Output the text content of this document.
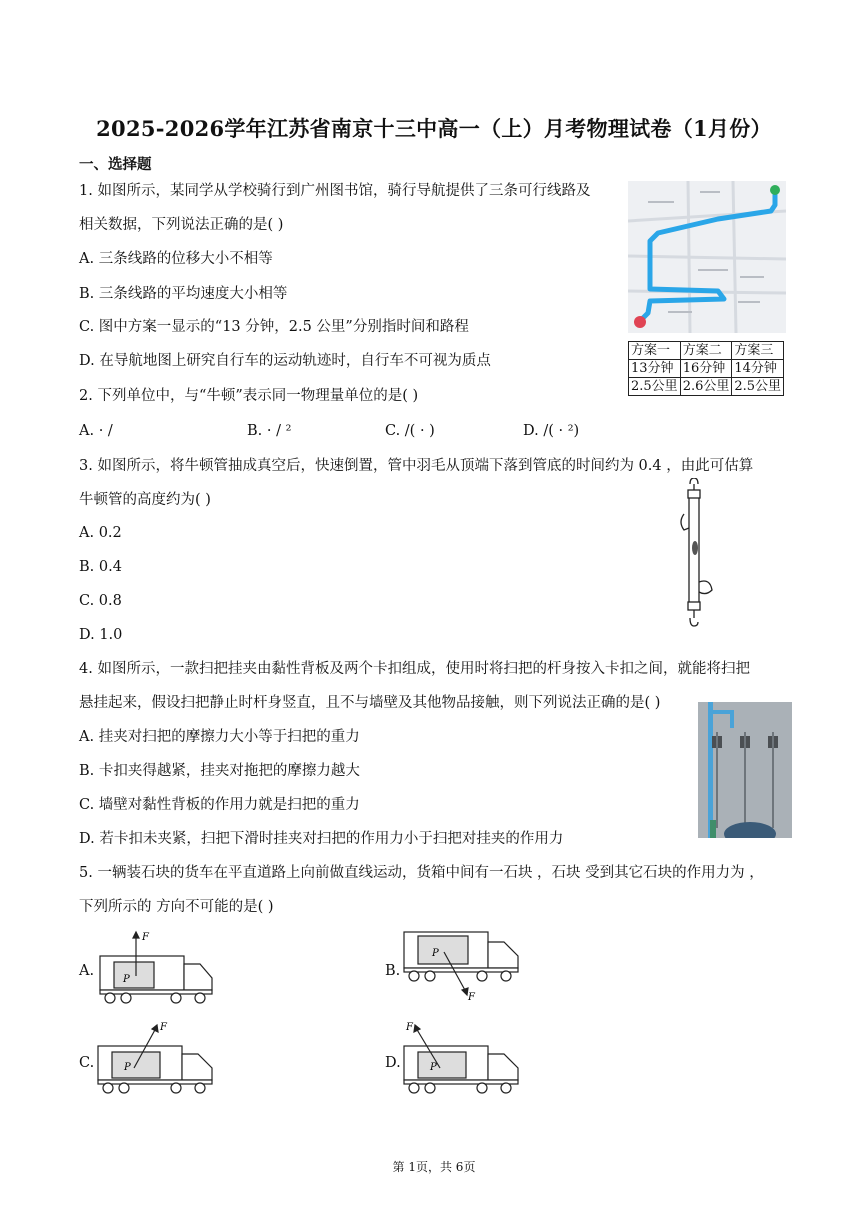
2025-2026学年江苏省南京十三中高一（上）月考物理试卷（1月份）
一、选择题
1. 如图所示，某同学从学校骑行到广州图书馆，骑行导航提供了三条可行线路及
相关数据，下列说法正确的是( )
A. 三条线路的位移大小不相等
B. 三条线路的平均速度大小相等
C. 图中方案一显示的“13 分钟，2.5 公里”分别指时间和路程
D. 在导航地图上研究自行车的运动轨迹时，自行车不可视为质点
方案一	方案二	方案三
13分钟	16分钟	14分钟
2.5公里	2.6公里	2.5公里
2. 下列单位中，与“牛顿”表示同一物理量单位的是( )
A. · /	B. · / ²	C. /( · )	D. /( · ²)
3. 如图所示，将牛顿管抽成真空后，快速倒置，管中羽毛从顶端下落到管底的时间约为 0.4 ，由此可估算
牛顿管的高度约为( )
A. 0.2
B. 0.4
C. 0.8
D. 1.0
4. 如图所示，一款扫把挂夹由黏性背板及两个卡扣组成，使用时将扫把的杆身按入卡扣之间，就能将扫把
悬挂起来，假设扫把静止时杆身竖直，且不与墙壁及其他物品接触，则下列说法正确的是( )
A. 挂夹对扫把的摩擦力大小等于扫把的重力
B. 卡扣夹得越紧，挂夹对拖把的摩擦力越大
C. 墙壁对黏性背板的作用力就是扫把的重力
D. 若卡扣未夹紧，扫把下滑时挂夹对扫把的作用力小于扫把对挂夹的作用力
5. 一辆装石块的货车在平直道路上向前做直线运动，货箱中间有一石块 ，石块 受到其它石块的作用力为 ，
下列所示的 方向不可能的是( )
A.	B.
C.	D.
F
P
F
P
F
P
F
P
第 1页，共 6页
